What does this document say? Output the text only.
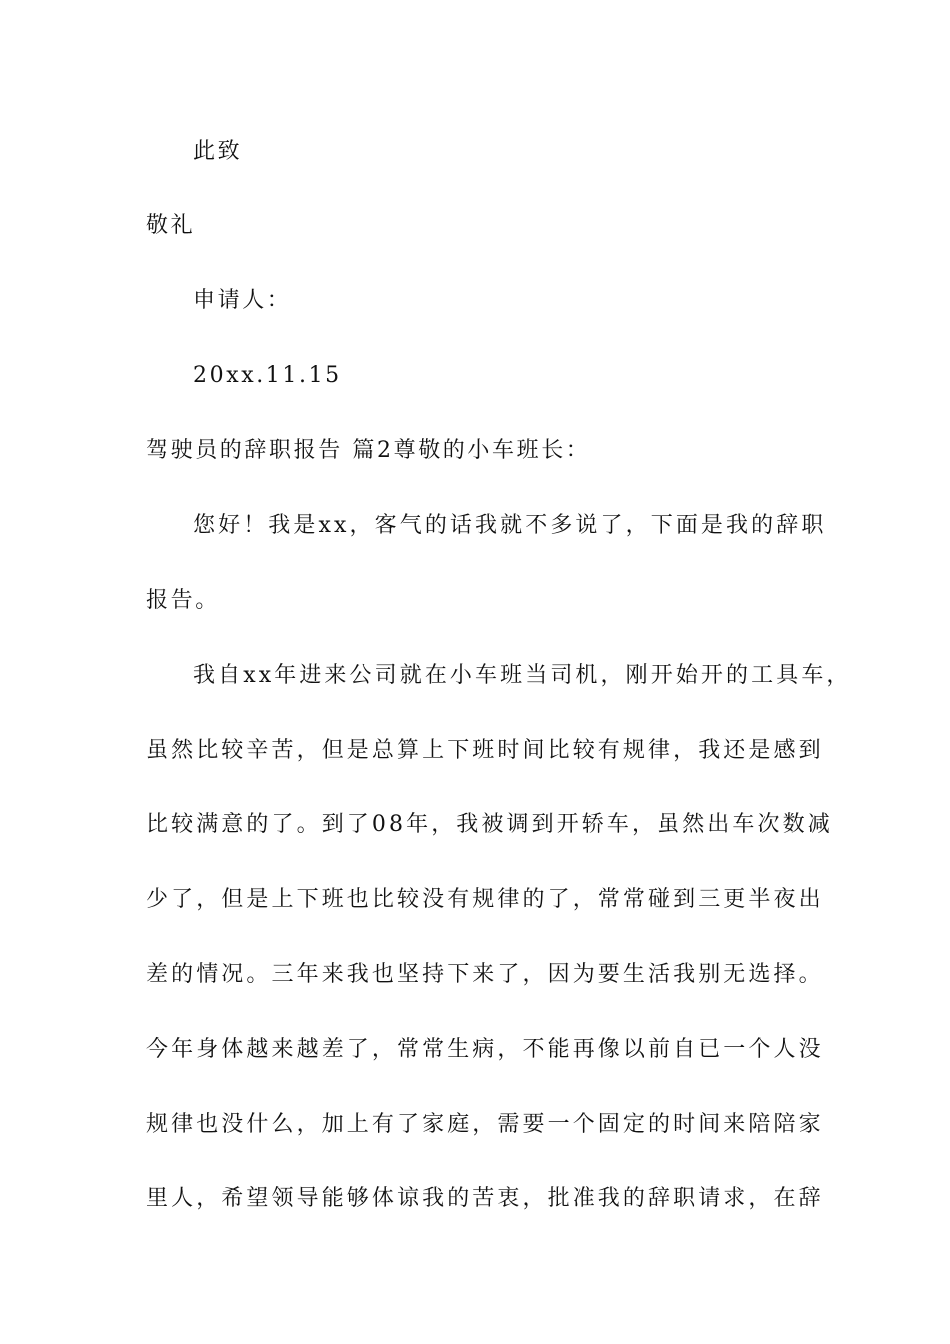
此致
敬礼
申请人：
20xx.11.15
驾驶员的辞职报告 篇2尊敬的小车班长：
您好！我是xx，客气的话我就不多说了，下面是我的辞职
报告。
我自xx年进来公司就在小车班当司机，刚开始开的工具车，
虽然比较辛苦，但是总算上下班时间比较有规律，我还是感到
比较满意的了。到了08年，我被调到开轿车，虽然出车次数减
少了，但是上下班也比较没有规律的了，常常碰到三更半夜出
差的情况。三年来我也坚持下来了，因为要生活我别无选择。
今年身体越来越差了，常常生病，不能再像以前自已一个人没
规律也没什么，加上有了家庭，需要一个固定的时间来陪陪家
里人，希望领导能够体谅我的苦衷，批准我的辞职请求，在辞
